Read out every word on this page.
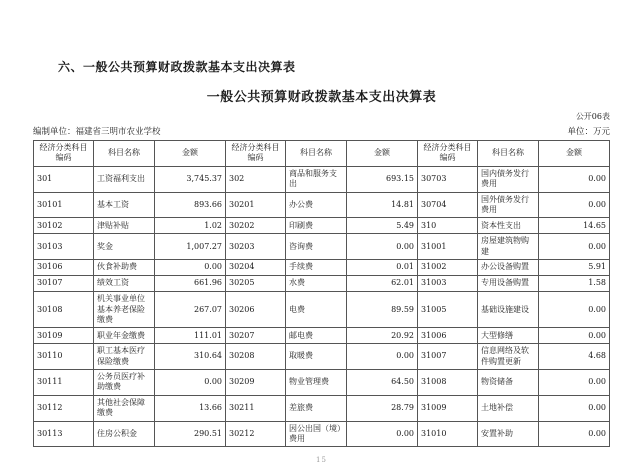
六、一般公共预算财政拨款基本支出决算表
一般公共预算财政拨款基本支出决算表
公开06表
编制单位：福建省三明市农业学校	单位：万元
经济分类科目编码	科目名称	金额	经济分类科目编码	科目名称	金额	经济分类科目编码	科目名称	金额
301	工资福利支出	3,745.37	302	商品和服务支出	693.15	30703	国内债务发行费用	0.00
30101	基本工资	893.66	30201	办公费	14.81	30704	国外债务发行费用	0.00
30102	津贴补贴	1.02	30202	印刷费	5.49	310	资本性支出	14.65
30103	奖金	1,007.27	30203	咨询费	0.00	31001	房屋建筑物购建	0.00
30106	伙食补助费	0.00	30204	手续费	0.01	31002	办公设备购置	5.91
30107	绩效工资	661.96	30205	水费	62.01	31003	专用设备购置	1.58
30108	机关事业单位基本养老保险缴费	267.07	30206	电费	89.59	31005	基础设施建设	0.00
30109	职业年金缴费	111.01	30207	邮电费	20.92	31006	大型修缮	0.00
30110	职工基本医疗保险缴费	310.64	30208	取暖费	0.00	31007	信息网络及软件购置更新	4.68
30111	公务员医疗补助缴费	0.00	30209	物业管理费	64.50	31008	物资储备	0.00
30112	其他社会保障缴费	13.66	30211	差旅费	28.79	31009	土地补偿	0.00
30113	住房公积金	290.51	30212	因公出国（境）费用	0.00	31010	安置补助	0.00
15
